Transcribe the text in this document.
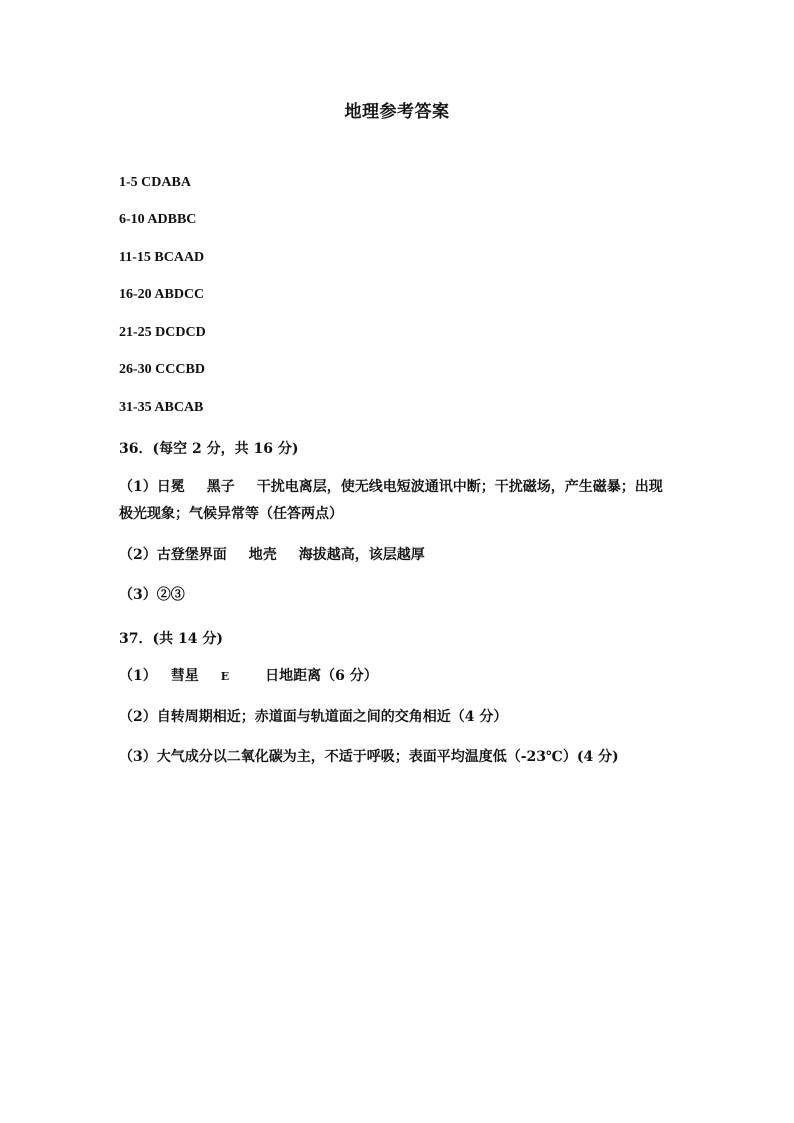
地理参考答案
1-5 CDABA
6-10 ADBBC
11-15 BCAAD
16-20 ABDCC
21-25 DCDCD
26-30 CCCBD
31-35 ABCAB
36．(每空 2 分，共 16 分)
（1）日冕 黑子 干扰电离层，使无线电短波通讯中断；干扰磁场，产生磁暴；出现
极光现象；气候异常等（任答两点）
（2）古登堡界面 地壳 海拔越高，该层越厚
（3）②③
37．(共 14 分)
（1） 彗星 E	日地距离（6 分）
（2）自转周期相近；赤道面与轨道面之间的交角相近（4 分）
（3）大气成分以二氧化碳为主，不适于呼吸；表面平均温度低（-23℃）(4 分)
